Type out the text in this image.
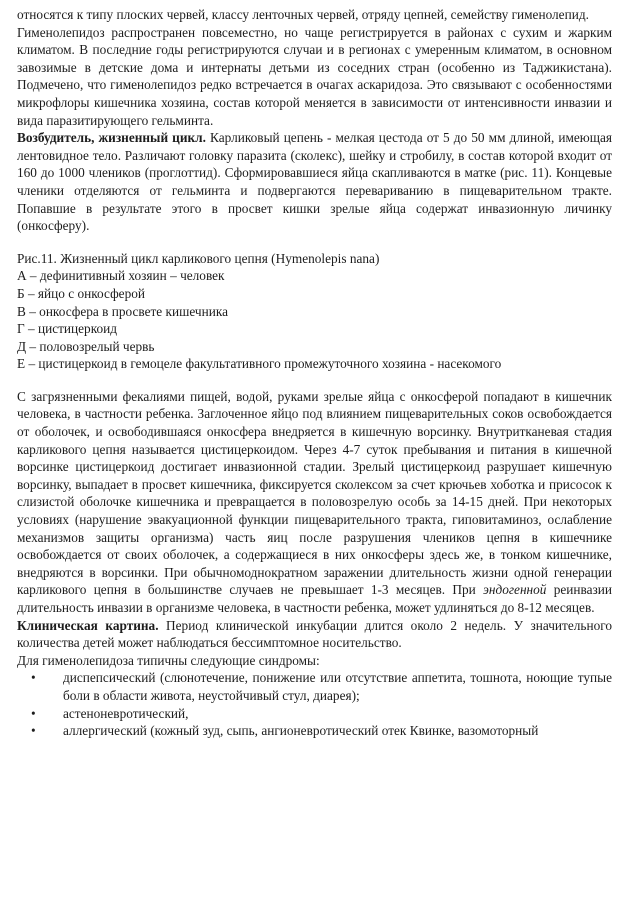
относятся к типу плоских червей, классу ленточных червей, отряду цепней, семейству гименолепид.

Гименолепидоз распространен повсеместно, но чаще регистрируется в районах с сухим и жарким климатом. В последние годы регистрируются случаи и в регионах с умеренным климатом, в основном завозимые в детские дома и интернаты детьми из соседних стран (особенно из Таджикистана). Подмечено, что гименолепидоз редко встречается в очагах аскаридоза. Это связывают с особенностями микрофлоры кишечника хозяина, состав которой меняется в зависимости от интенсивности инвазии и вида паразитирующего гельминта.

Возбудитель, жизненный цикл. Карликовый цепень - мелкая цестода от 5 до 50 мм длиной, имеющая лентовидное тело. Различают головку паразита (сколекс), шейку и стробилу, в состав которой входит от 160 до 1000 члеников (проглоттид). Сформировавшиеся яйца скапливаются в матке (рис. 11). Концевые членики отделяются от гельминта и подвергаются перевариванию в пищеварительном тракте. Попавшие в результате этого в просвет кишки зрелые яйца содержат инвазионную личинку (онкосферу).

Рис.11. Жизненный цикл карликового цепня (Hymenolepis nana)
А – дефинитивный хозяин – человек
Б – яйцо с онкосферой
В – онкосфера в просвете кишечника
Г – цистицеркоид
Д – половозрелый червь
Е – цистицеркоид в гемоцеле факультативного промежуточного хозяина - насекомого

С загрязненными фекалиями пищей, водой, руками зрелые яйца с онкосферой попадают в кишечник человека, в частности ребенка. Заглоченное яйцо под влиянием пищеварительных соков освобождается от оболочек, и освободившаяся онкосфера внедряется в кишечную ворсинку. Внутритканевая стадия карликового цепня называется цистицеркоидом. Через 4-7 суток пребывания и питания в кишечной ворсинке цистицеркоид достигает инвазионной стадии. Зрелый цистицеркоид разрушает кишечную ворсинку, выпадает в просвет кишечника, фиксируется сколексом за счет крючьев хоботка и присосок к слизистой оболочке кишечника и превращается в половозрелую особь за 14-15 дней. При некоторых условиях (нарушение эвакуационной функции пищеварительного тракта, гиповитаминоз, ослабление механизмов защиты организма) часть яиц после разрушения члеников цепня в кишечнике освобождается от своих оболочек, а содержащиеся в них онкосферы здесь же, в тонком кишечнике, внедряются в ворсинки. При обычномоднократном заражении длительность жизни одной генерации карликового цепня в большинстве случаев не превышает 1-3 месяцев. При эндогенной реинвазии длительность инвазии в организме человека, в частности ребенка, может удлиняться до 8-12 месяцев.

Клиническая картина. Период клинической инкубации длится около 2 недель. У значительного количества детей может наблюдаться бессимптомное носительство.

Для гименолепидоза типичны следующие синдромы:

• диспепсический (слюнотечение, понижение или отсутствие аппетита, тошнота, ноющие тупые боли в области живота, неустойчивый стул, диарея);
• астеноневротический,
• аллергический (кожный зуд, сыпь, ангионевротический отек Квинке, вазомоторный
